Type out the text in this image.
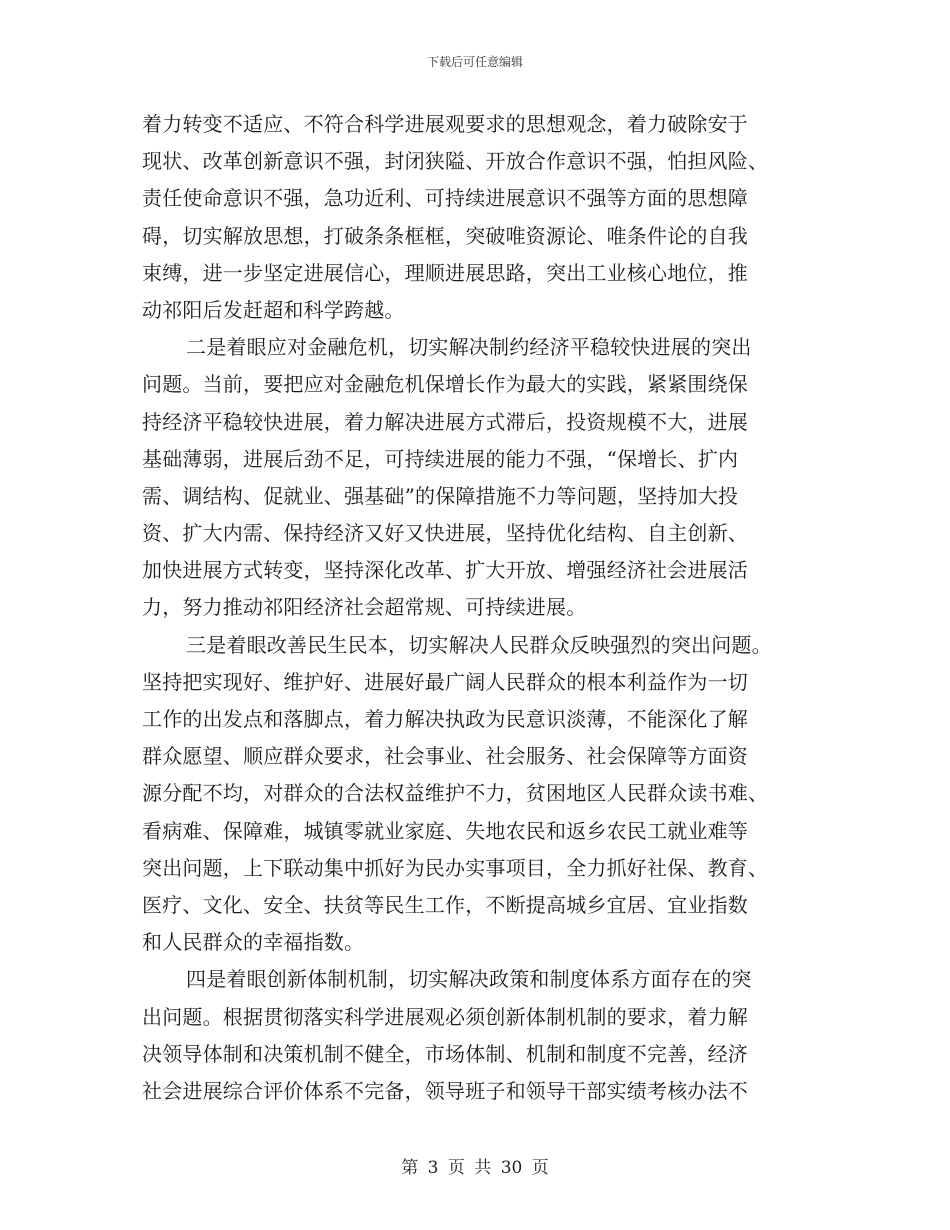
下载后可任意编辑
着力转变不适应、不符合科学进展观要求的思想观念，着力破除安于
现状、改革创新意识不强，封闭狭隘、开放合作意识不强，怕担风险、
责任使命意识不强，急功近利、可持续进展意识不强等方面的思想障
碍，切实解放思想，打破条条框框，突破唯资源论、唯条件论的自我
束缚，进一步坚定进展信心，理顺进展思路，突出工业核心地位，推
动祁阳后发赶超和科学跨越。
二是着眼应对金融危机，切实解决制约经济平稳较快进展的突出
问题。当前，要把应对金融危机保增长作为最大的实践，紧紧围绕保
持经济平稳较快进展，着力解决进展方式滞后，投资规模不大，进展
基础薄弱，进展后劲不足，可持续进展的能力不强，“保增长、扩内
需、调结构、促就业、强基础”的保障措施不力等问题，坚持加大投
资、扩大内需、保持经济又好又快进展，坚持优化结构、自主创新、
加快进展方式转变，坚持深化改革、扩大开放、增强经济社会进展活
力，努力推动祁阳经济社会超常规、可持续进展。
三是着眼改善民生民本，切实解决人民群众反映强烈的突出问题。
坚持把实现好、维护好、进展好最广阔人民群众的根本利益作为一切
工作的出发点和落脚点，着力解决执政为民意识淡薄，不能深化了解
群众愿望、顺应群众要求，社会事业、社会服务、社会保障等方面资
源分配不均，对群众的合法权益维护不力，贫困地区人民群众读书难、
看病难、保障难，城镇零就业家庭、失地农民和返乡农民工就业难等
突出问题，上下联动集中抓好为民办实事项目，全力抓好社保、教育、
医疗、文化、安全、扶贫等民生工作，不断提高城乡宜居、宜业指数
和人民群众的幸福指数。
四是着眼创新体制机制，切实解决政策和制度体系方面存在的突
出问题。根据贯彻落实科学进展观必须创新体制机制的要求，着力解
决领导体制和决策机制不健全，市场体制、机制和制度不完善，经济
社会进展综合评价体系不完备，领导班子和领导干部实绩考核办法不
第 3 页 共 30 页
